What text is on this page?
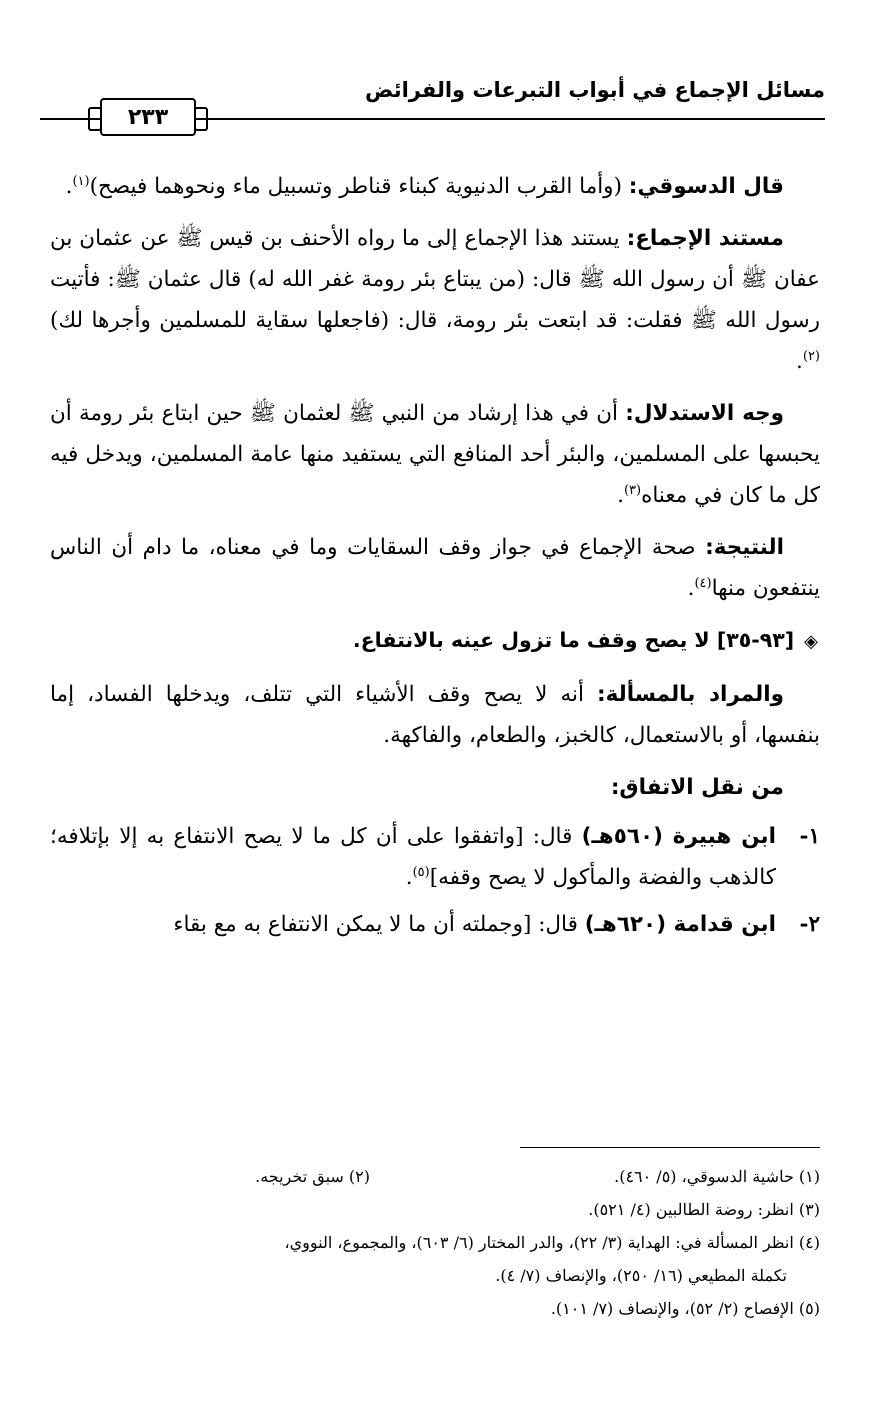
مسائل الإجماع في أبواب التبرعات والفرائض
٢٣٣

قال الدسوقي: (وأما القرب الدنيوية كبناء قناطر وتسبيل ماء ونحوهما فيصح)$^{(١)}$.

مستند الإجماع: يستند هذا الإجماع إلى ما رواه الأحنف بن قيس ﷺ عن عثمان بن عفان ﷺ أن رسول الله ﷺ قال: (من يبتاع بئر رومة غفر الله له) قال عثمان ﷺ: فأتيت رسول الله ﷺ فقلت: قد ابتعت بئر رومة، قال: (فاجعلها سقاية للمسلمين وأجرها لك)$^{(٢)}$.

وجه الاستدلال: أن في هذا إرشاد من النبي ﷺ لعثمان ﷺ حين ابتاع بئر رومة أن يحبسها على المسلمين، والبئر أحد المنافع التي يستفيد منها عامة المسلمين، ويدخل فيه كل ما كان في معناه$^{(٣)}$.

النتيجة: صحة الإجماع في جواز وقف السقايات وما في معناه، ما دام أن الناس ينتفعون منها$^{(٤)}$.

◈[٩٣-٣٥] لا يصح وقف ما تزول عينه بالانتفاع.

والمراد بالمسألة: أنه لا يصح وقف الأشياء التي تتلف، ويدخلها الفساد، إما بنفسها، أو بالاستعمال، كالخبز، والطعام، والفاكهة.

من نقل الاتفاق:

١-
ابن هبيرة (٥٦٠هـ) قال: [واتفقوا على أن كل ما لا يصح الانتفاع به إلا بإتلافه؛ كالذهب والفضة والمأكول لا يصح وقفه]$^{(٥)}$.
٢-
ابن قدامة (٦٢٠هـ) قال: [وجملته أن ما لا يمكن الانتفاع به مع بقاء
(١) حاشية الدسوقي، (٥/ ٤٦٠).
(٢) سبق تخريجه.
(٣) انظر: روضة الطالبين (٤/ ٥٢١).
(٤) انظر المسألة في: الهداية (٣/ ٢٢)، والدر المختار (٦/ ٦٠٣)، والمجموع، النووي،
تكملة المطيعي (١٦/ ٢٥٠)، والإنصاف (٧/ ٤).
(٥) الإفصاح (٢/ ٥٢)، والإنصاف (٧/ ١٠١).
